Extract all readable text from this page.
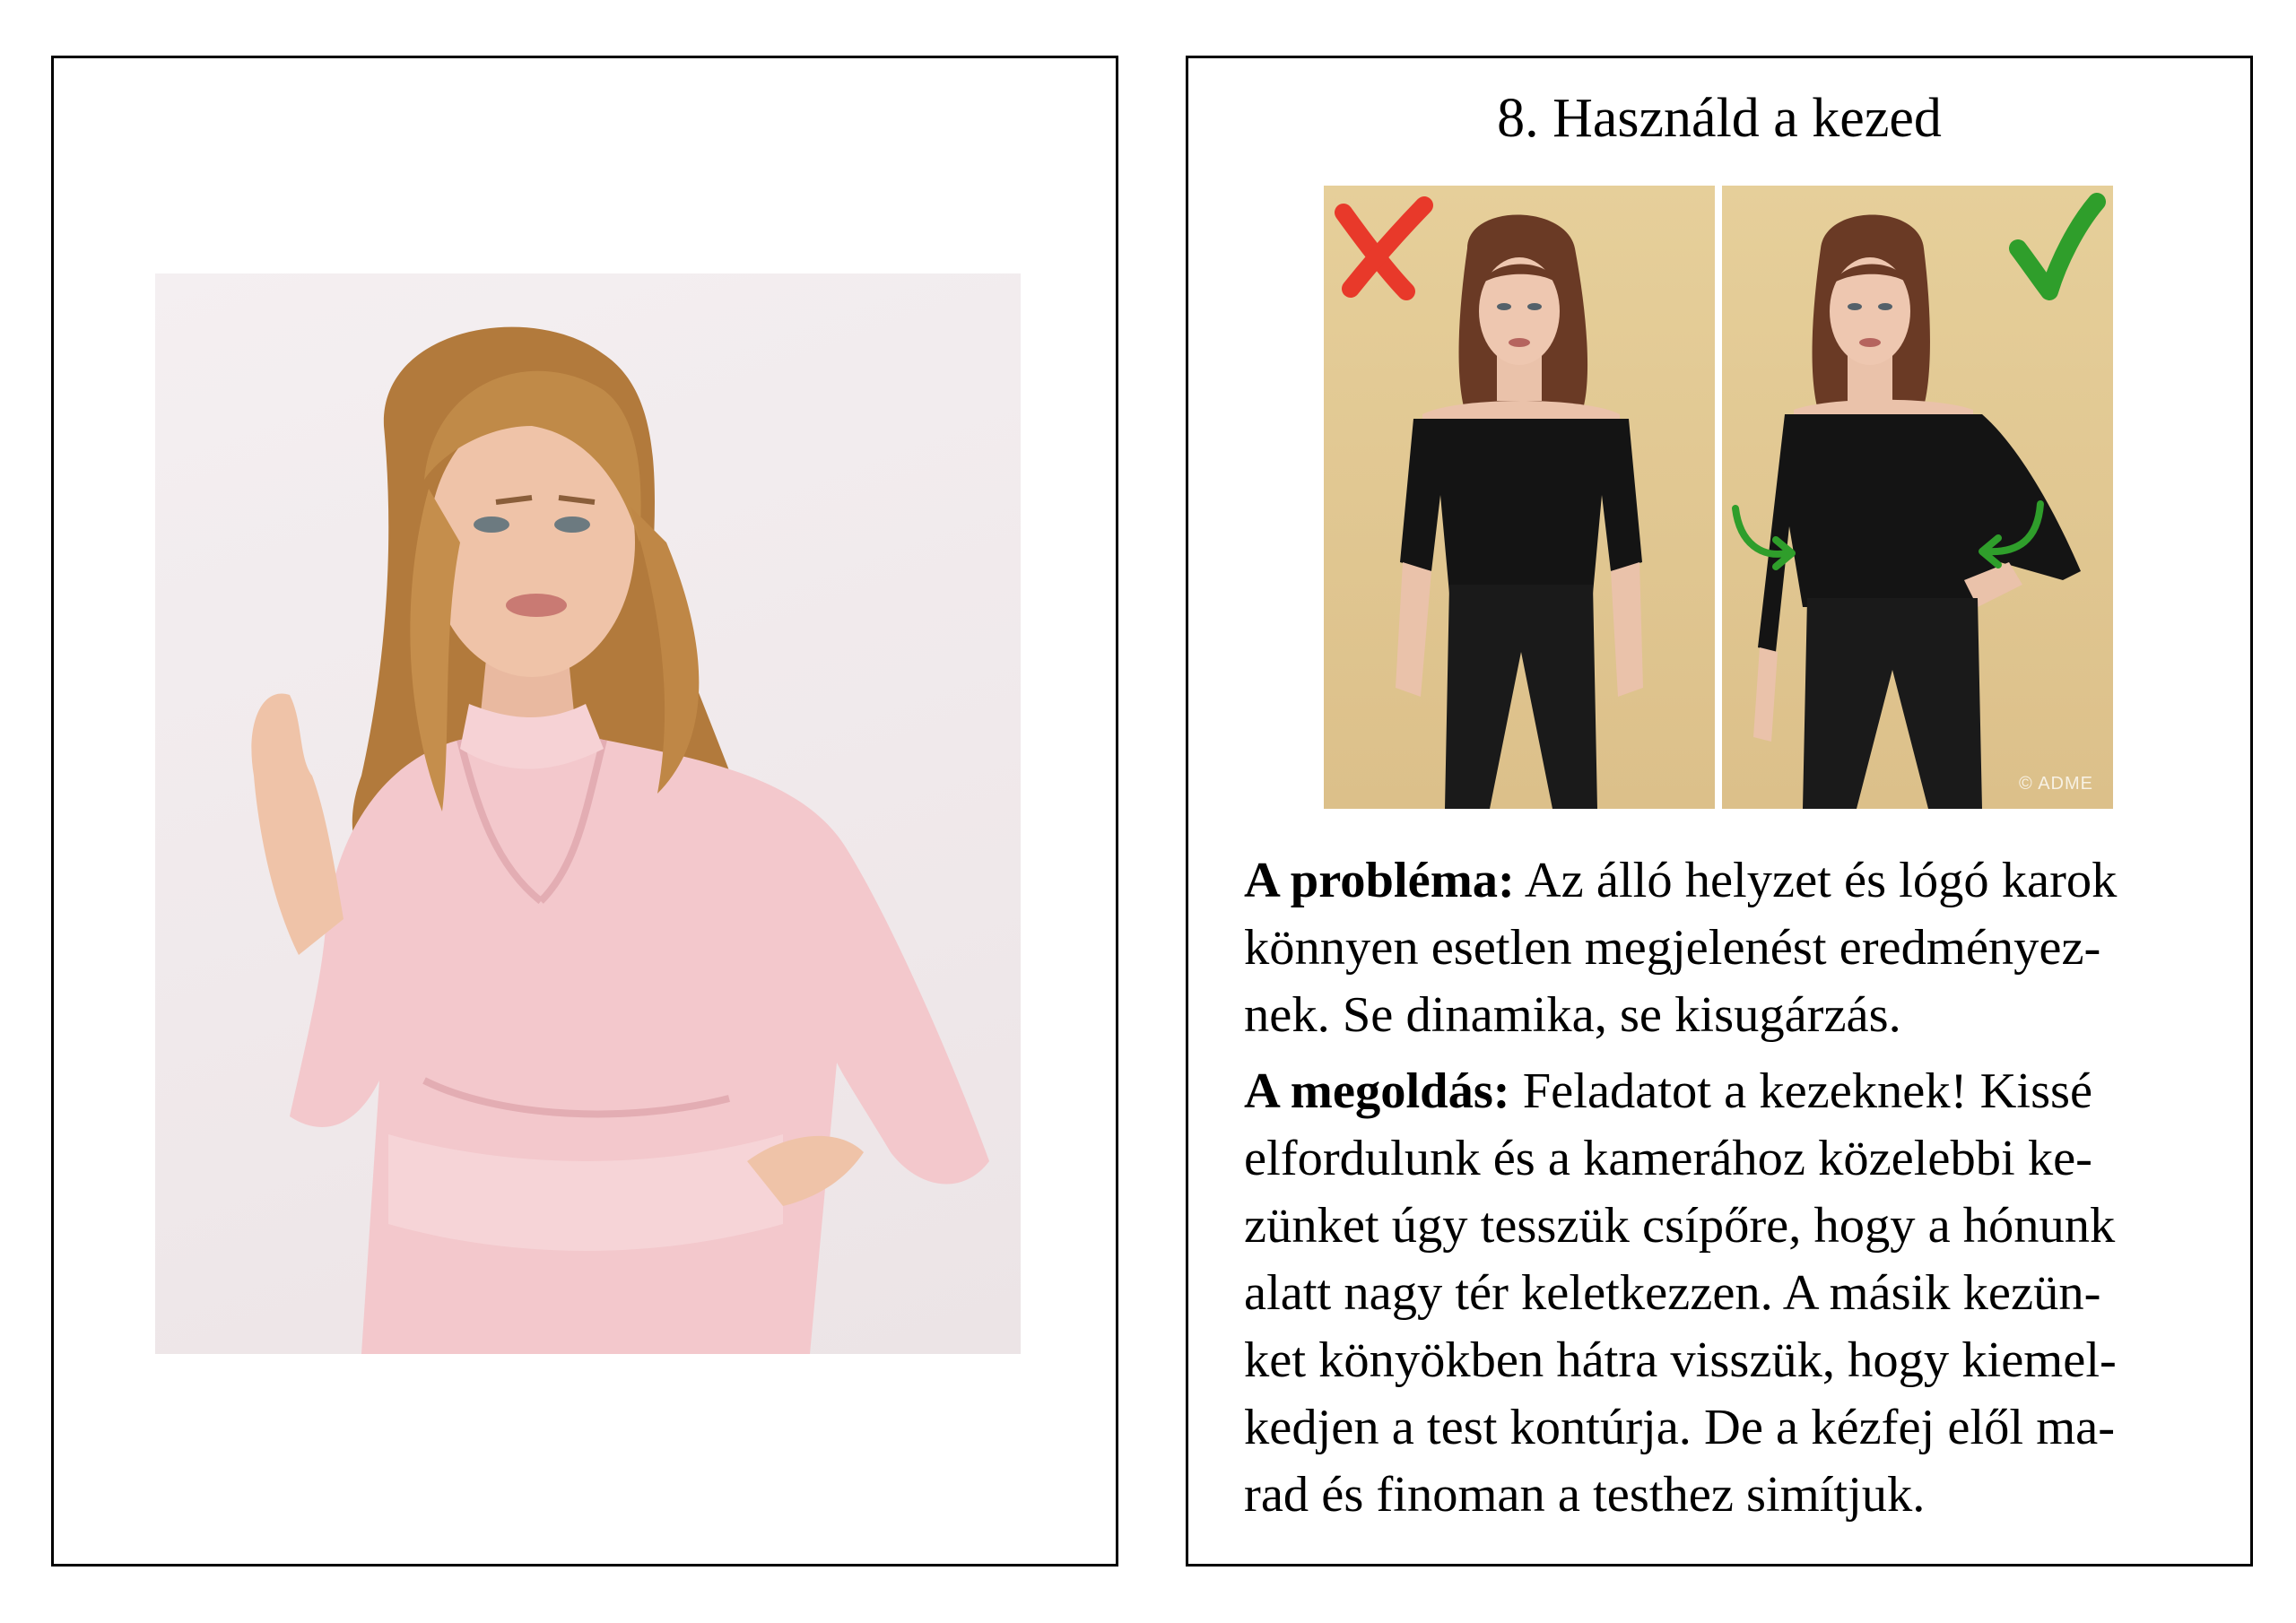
8. Használd a kezed
© ADME
A probléma: Az álló helyzet és lógó karok
könnyen esetlen megjelenést eredményez-
nek. Se dinamika, se kisugárzás.
A megoldás: Feladatot a kezeknek! Kissé
elfordulunk és a kamerához közelebbi ke-
zünket úgy tesszük csípőre, hogy a hónunk
alatt nagy tér keletkezzen. A másik kezün-
ket könyökben hátra visszük, hogy kiemel-
kedjen a test kontúrja. De a kézfej elől ma-
rad és finoman a testhez simítjuk.
